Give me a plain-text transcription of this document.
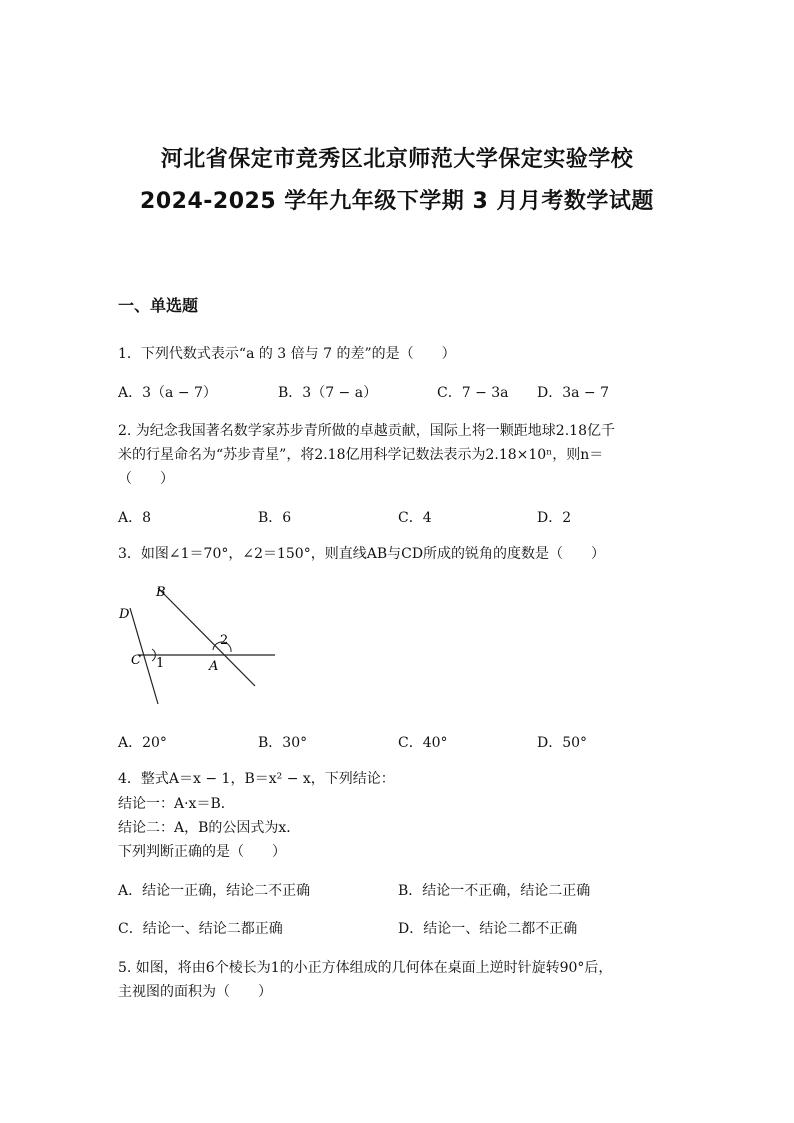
河北省保定市竞秀区北京师范大学保定实验学校
2024-2025 学年九年级下学期 3 月月考数学试题
一、单选题
1．下列代数式表示“a 的 3 倍与 7 的差”的是（　　）
A．3（a − 7）	B．3（7 − a）	C．7 − 3a D．3a − 7
2. 为纪念我国著名数学家苏步青所做的卓越贡献，国际上将一颗距地球2.18亿千
米的行星命名为“苏步青星”，将2.18亿用科学记数法表示为2.18×10ⁿ，则n＝
（　　）
A．8	B．6	C．4	D．2
3．如图∠1＝70°，∠2＝150°，则直线AB与CD所成的锐角的度数是（　　）
B
D
C	A
1
2
A．20°	B．30°	C．40°	D．50°
4．整式A＝x − 1，B＝x² − x，下列结论：
结论一：A·x＝B．
结论二：A，B的公因式为x．
下列判断正确的是（　　）
A．结论一正确，结论二不正确	B．结论一不正确，结论二正确
C．结论一、结论二都正确	D．结论一、结论二都不正确
5. 如图，将由6个棱长为1的小正方体组成的几何体在桌面上逆时针旋转90°后，
主视图的面积为（　　）
